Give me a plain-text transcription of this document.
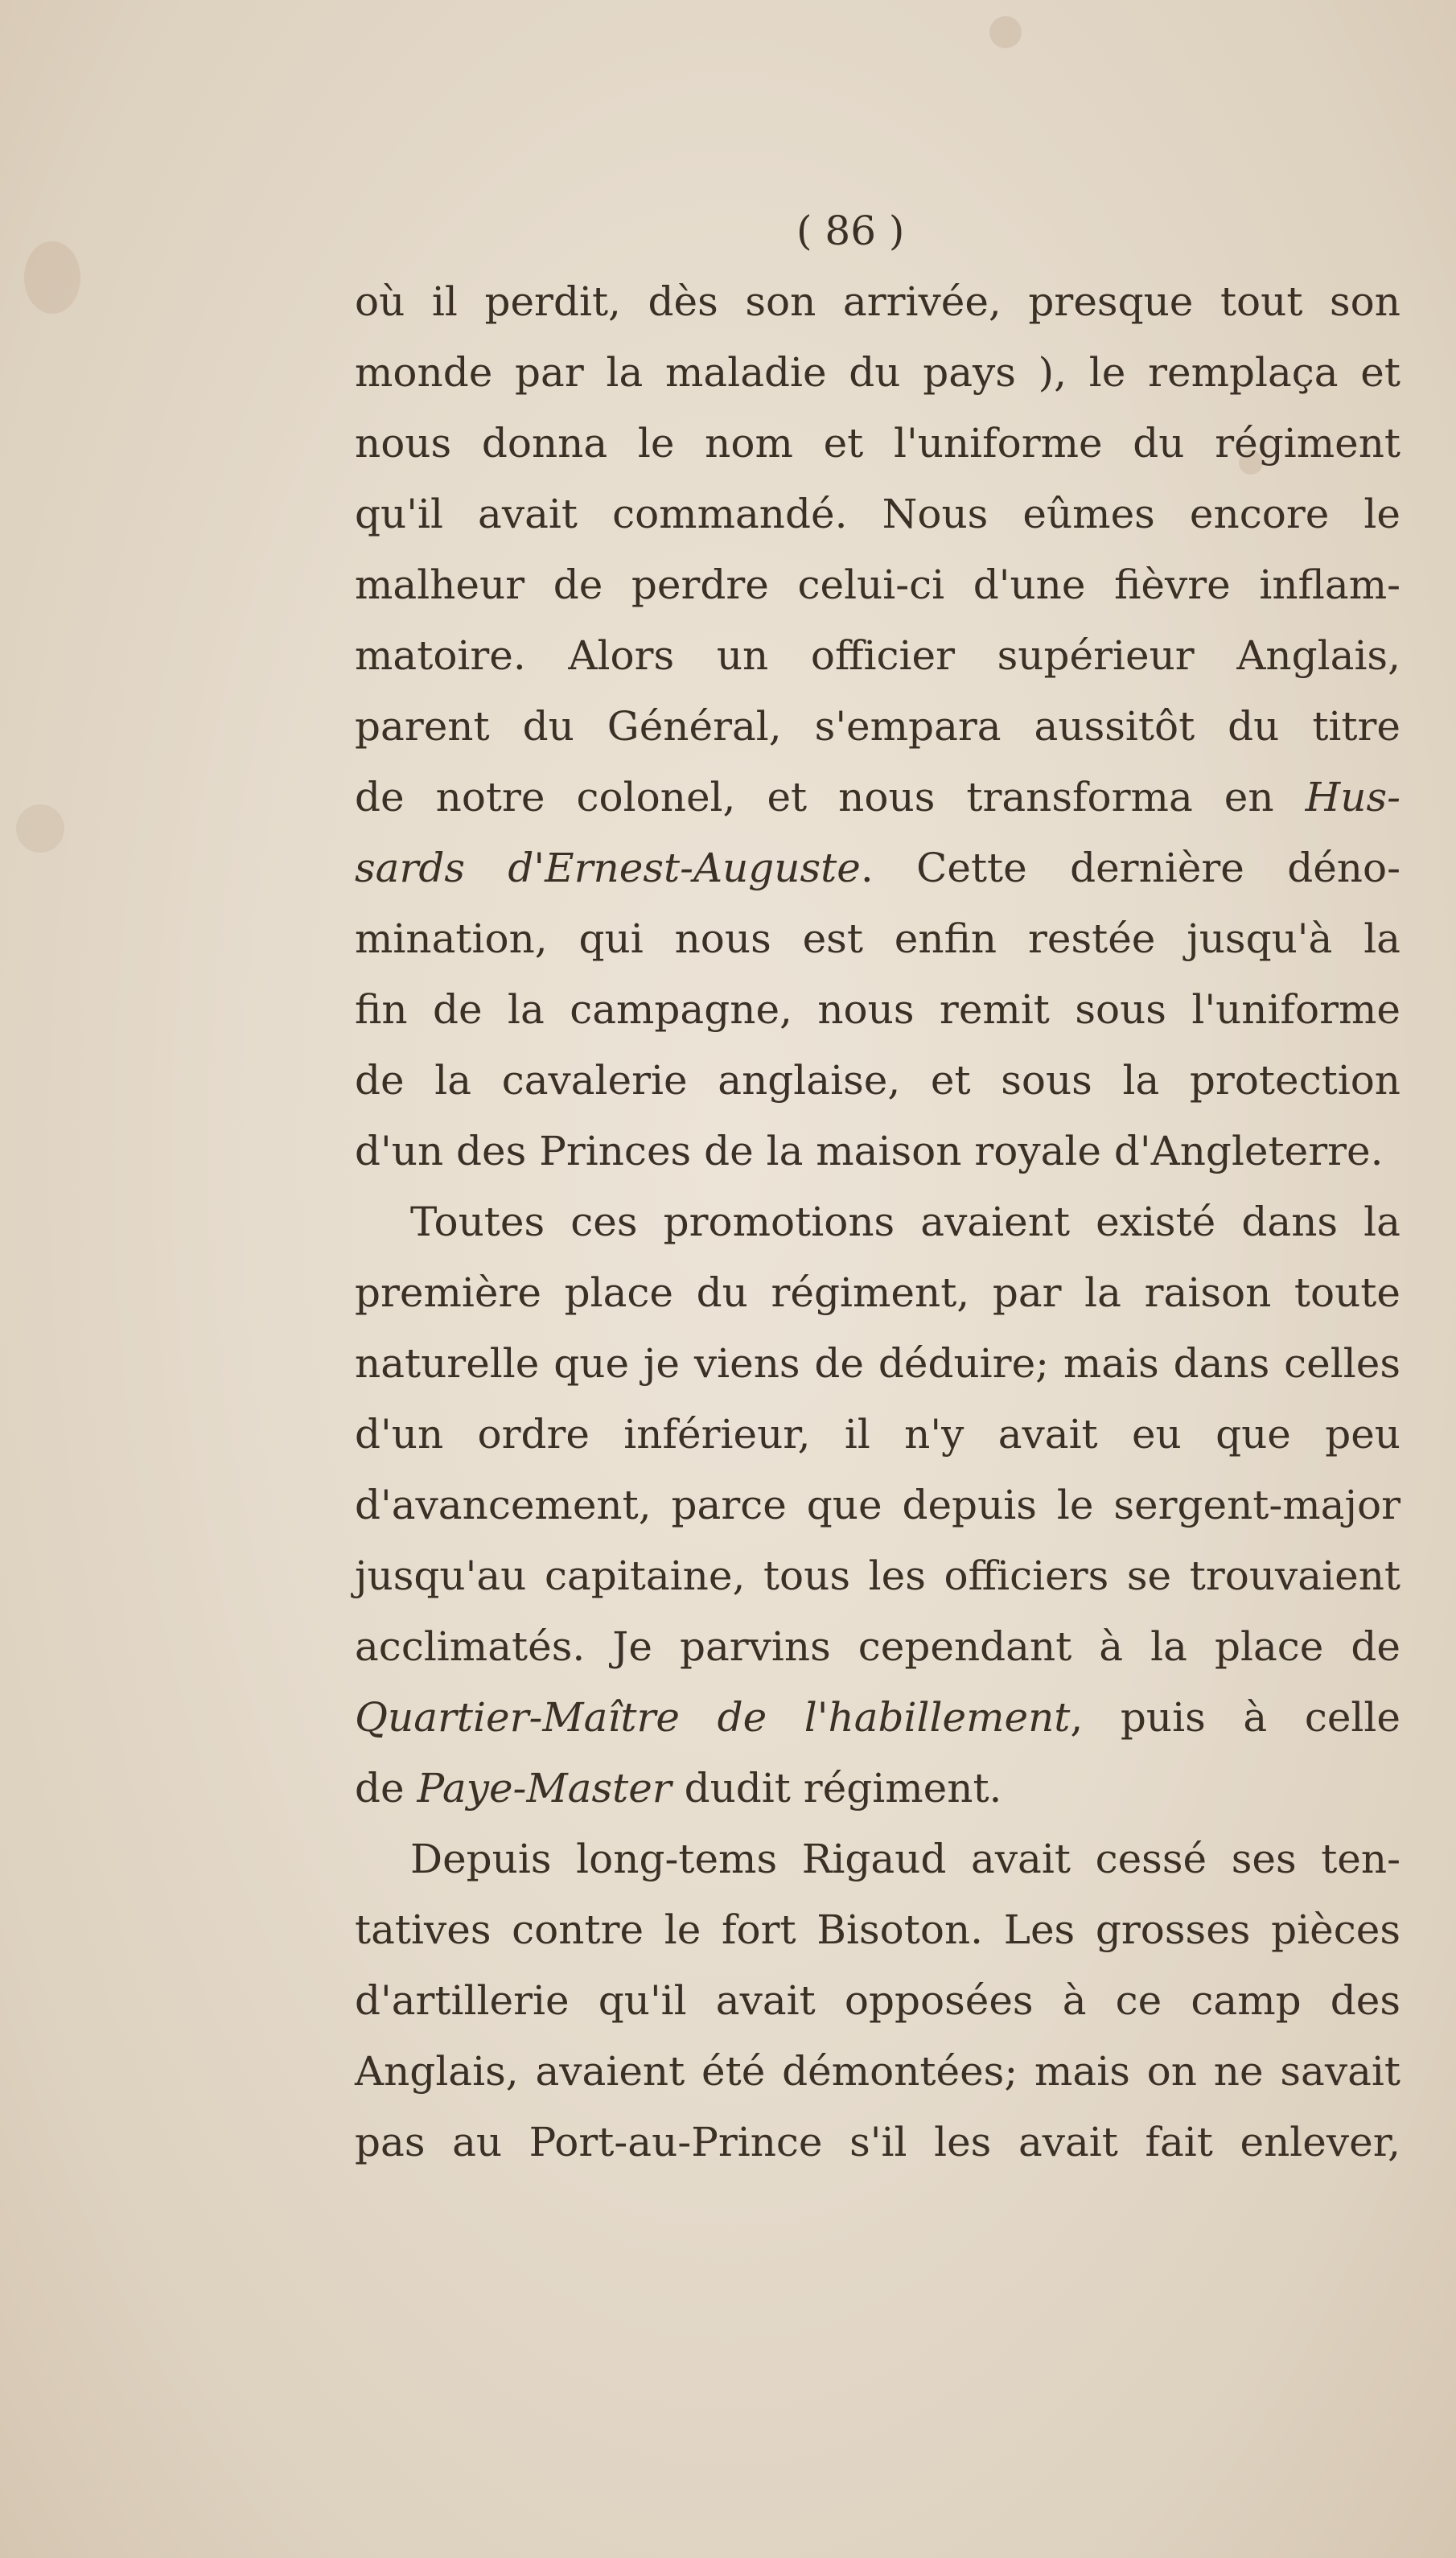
( 86 )
où il perdit, dès son arrivée, presque tout son
monde par la maladie du pays ), le remplaça et
nous donna le nom et l'uniforme du régiment
qu'il avait commandé. Nous eûmes encore le
malheur de perdre celui-ci d'une fièvre inflam-
matoire. Alors un officier supérieur Anglais,
parent du Général, s'empara aussitôt du titre
de notre colonel, et nous transforma en Hus-
sards d'Ernest-Auguste. Cette dernière déno-
mination, qui nous est enfin restée jusqu'à la
fin de la campagne, nous remit sous l'uniforme
de la cavalerie anglaise, et sous la protection
d'un des Princes de la maison royale d'Angleterre.
Toutes ces promotions avaient existé dans la
première place du régiment, par la raison toute
naturelle que je viens de déduire; mais dans celles
d'un ordre inférieur, il n'y avait eu que peu
d'avancement, parce que depuis le sergent-major
jusqu'au capitaine, tous les officiers se trouvaient
acclimatés. Je parvins cependant à la place de
Quartier-Maître de l'habillement, puis à celle
de Paye-Master dudit régiment.
Depuis long-tems Rigaud avait cessé ses ten-
tatives contre le fort Bisoton. Les grosses pièces
d'artillerie qu'il avait opposées à ce camp des
Anglais, avaient été démontées; mais on ne savait
pas au Port-au-Prince s'il les avait fait enlever,
